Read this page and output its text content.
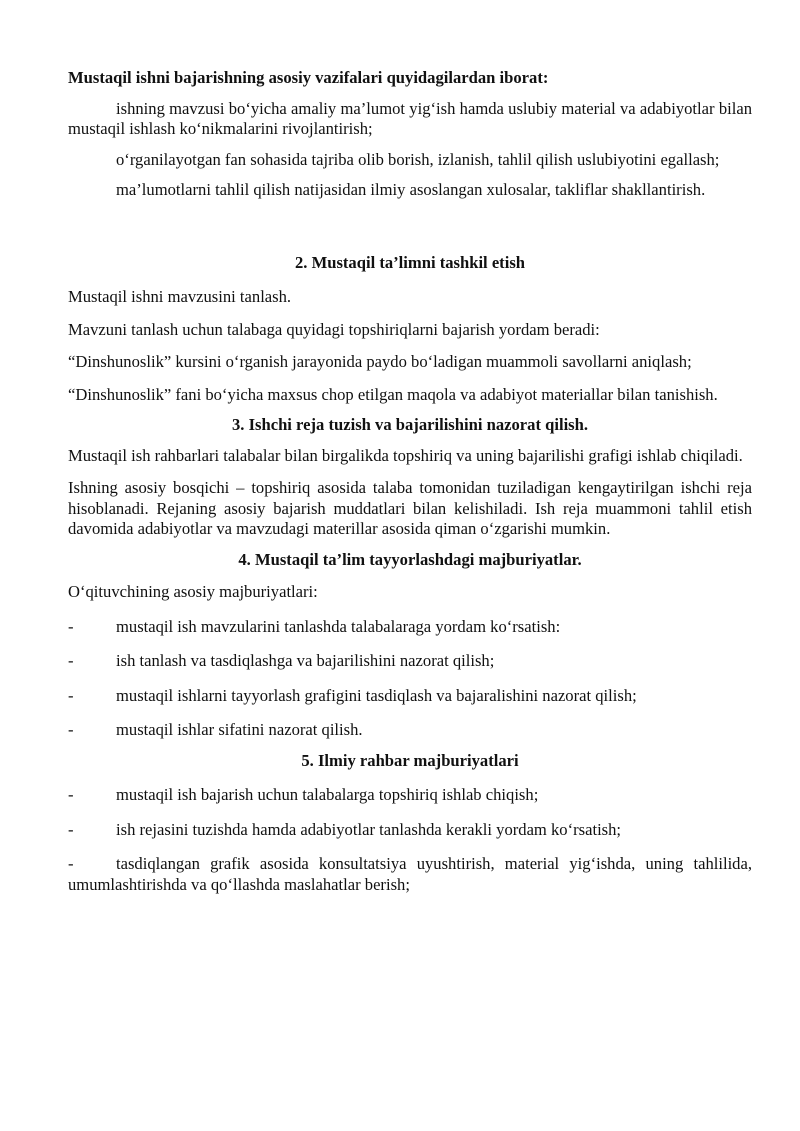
Mustaqil ishni bajarishning asosiy vazifalari quyidagilardan iborat:

ishning mavzusi bo‘yicha amaliy ma’lumot yig‘ish hamda uslubiy material va adabiyotlar bilan mustaqil ishlash ko‘nikmalarini rivojlantirish;

o‘rganilayotgan fan sohasida tajriba olib borish, izlanish, tahlil qilish uslubiyotini egallash;

ma’lumotlarni tahlil qilish natijasidan ilmiy asoslangan xulosalar, takliflar shakllantirish.

2. Mustaqil ta’limni tashkil etish

Mustaqil ishni mavzusini tanlash.

Mavzuni tanlash uchun talabaga quyidagi topshiriqlarni bajarish yordam beradi:

“Dinshunoslik” kursini o‘rganish jarayonida paydo bo‘ladigan muammoli savollarni aniqlash;

“Dinshunoslik” fani bo‘yicha maxsus chop etilgan maqola va adabiyot materiallar bilan tanishish.

3. Ishchi reja tuzish va bajarilishini nazorat qilish.

Mustaqil ish rahbarlari talabalar bilan birgalikda topshiriq va uning bajarilishi grafigi ishlab chiqiladi.

Ishning asosiy bosqichi – topshiriq asosida talaba tomonidan tuziladigan kengaytirilgan ishchi reja hisoblanadi. Rejaning asosiy bajarish muddatlari bilan kelishiladi. Ish reja muammoni tahlil etish davomida adabiyotlar va mavzudagi materillar asosida qiman o‘zgarishi mumkin.

4. Mustaqil ta’lim tayyorlashdagi majburiyatlar.

O‘qituvchining asosiy majburiyatlari:

-	mustaqil ish mavzularini tanlashda talabalaraga yordam ko‘rsatish:
-	ish tanlash va tasdiqlashga va bajarilishini nazorat qilish;
-	mustaqil ishlarni tayyorlash grafigini tasdiqlash va bajaralishini nazorat qilish;
-	mustaqil ishlar sifatini nazorat qilish.

5. Ilmiy rahbar majburiyatlari

-	mustaqil ish bajarish uchun talabalarga topshiriq ishlab chiqish;
-	ish rejasini tuzishda hamda adabiyotlar tanlashda kerakli yordam ko‘rsatish;

-	tasdiqlangan grafik asosida konsultatsiya uyushtirish, material yig‘ishda, uning tahlilida, umumlashtirishda va qo‘llashda maslahatlar berish;
